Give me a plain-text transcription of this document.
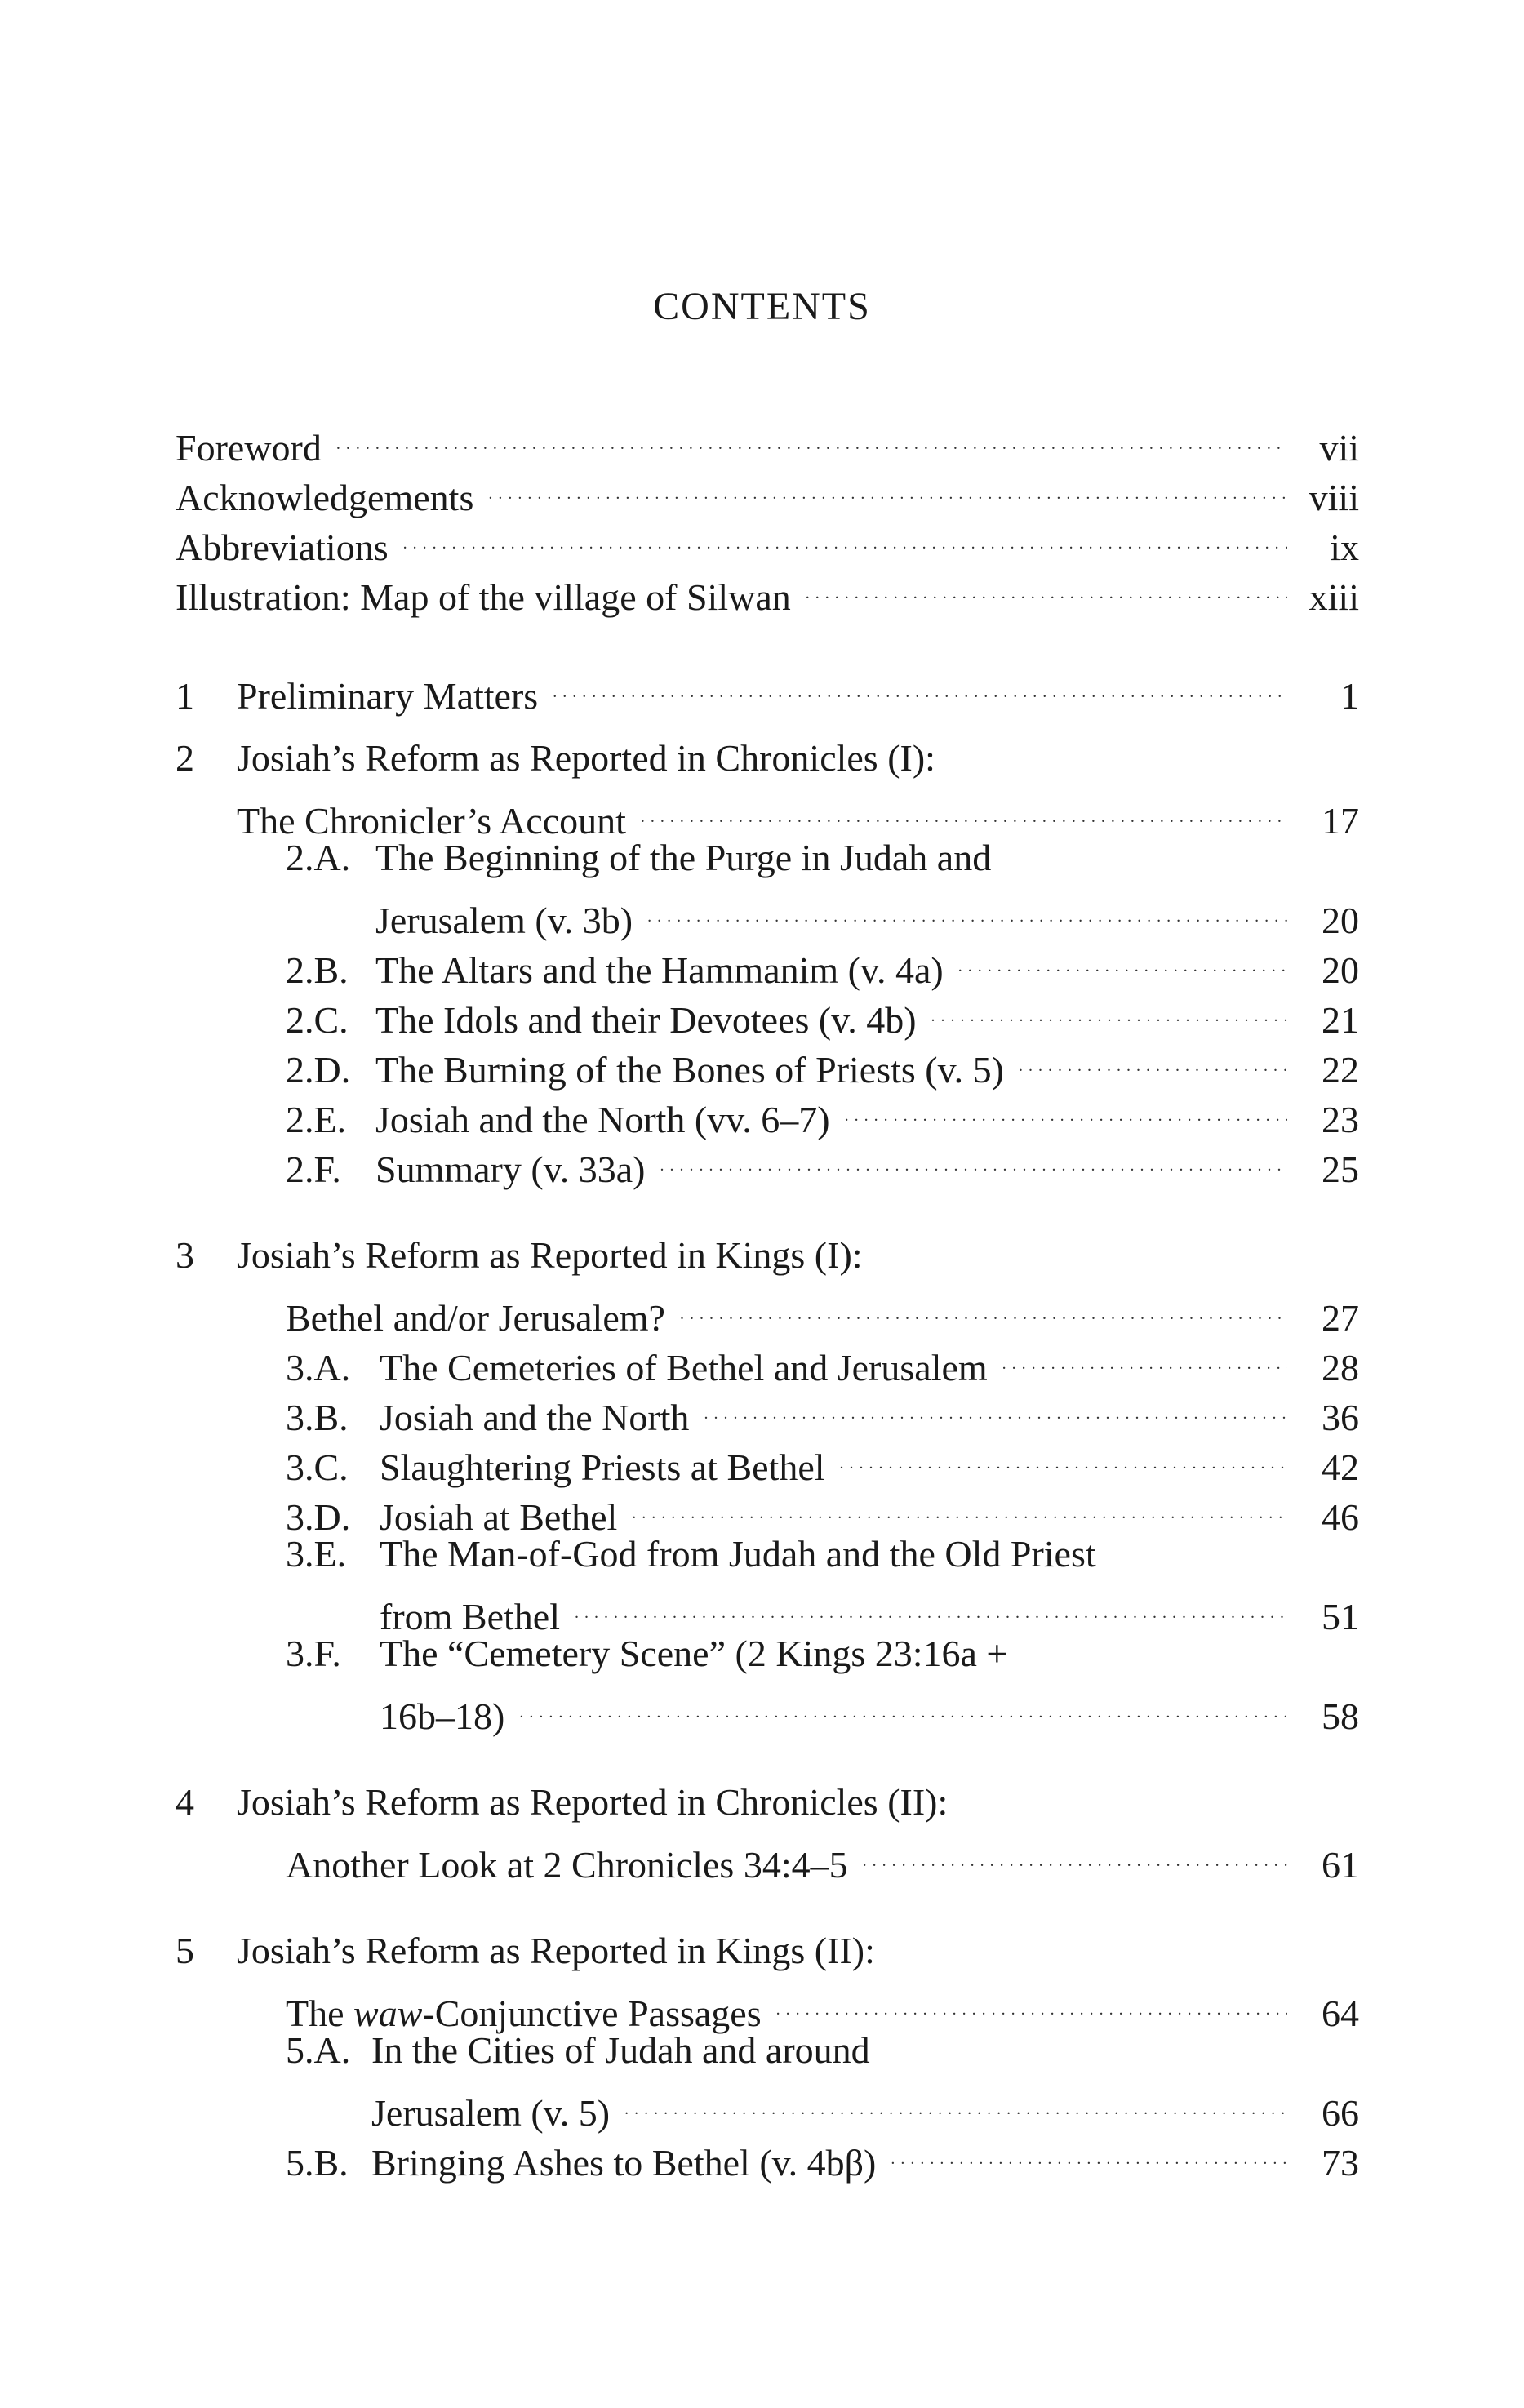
CONTENTS
Foreword . . .	vii
Acknowledgements . . .	viii
Abbreviations . . .	ix
Illustration: Map of the village of Silwan . . .	xiii
1	Preliminary Matters . . .	1
2	Josiah’s Reform as Reported in Chronicles (I):
The Chronicler’s Account . . .	17
2.A. The Beginning of the Purge in Judah and
Jerusalem (v. 3b) . . .	20
2.B. The Altars and the Hammanim (v. 4a) . . .	20
2.C. The Idols and their Devotees (v. 4b) . . .	21
2.D. The Burning of the Bones of Priests (v. 5) . . .	22
2.E. Josiah and the North (vv. 6–7) . . .	23
2.F. Summary (v. 33a) . . .	25
3	Josiah’s Reform as Reported in Kings (I):
Bethel and/or Jerusalem? . . .	27
3.A. The Cemeteries of Bethel and Jerusalem . . .	28
3.B. Josiah and the North . . .	36
3.C. Slaughtering Priests at Bethel . . .	42
3.D. Josiah at Bethel . . .	46
3.E. The Man-of-God from Judah and the Old Priest
from Bethel . . .	51
3.F.	The “Cemetery Scene” (2 Kings 23:16a +
16b–18) . . .	58
4	Josiah’s Reform as Reported in Chronicles (II):
Another Look at 2 Chronicles 34:4–5 . . .	61
5	Josiah’s Reform as Reported in Kings (II):
The waw-Conjunctive Passages . . .	64
5.A. In the Cities of Judah and around
Jerusalem (v. 5) . . .	66
5.B. Bringing Ashes to Bethel (v. 4bβ) . . .	73
